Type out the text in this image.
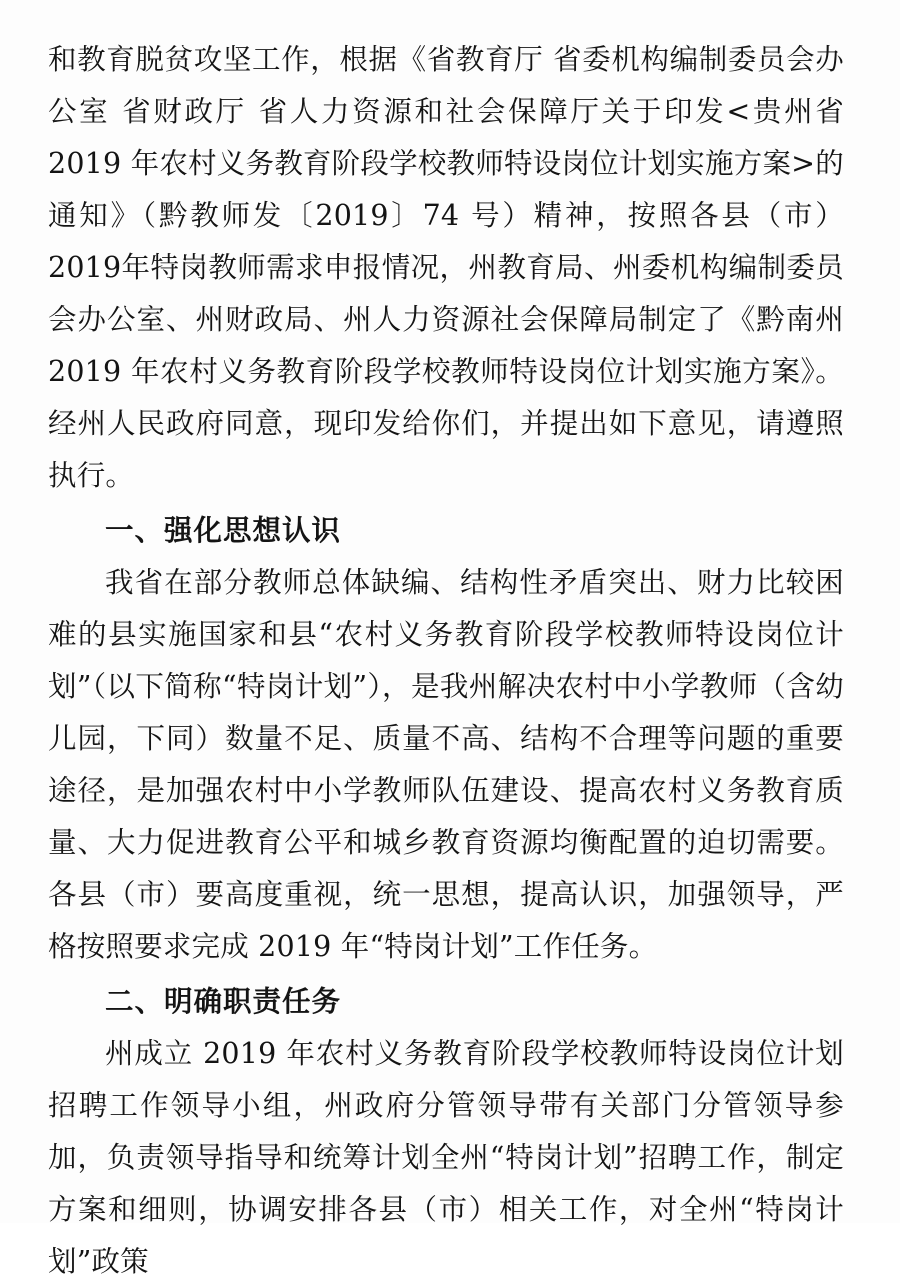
和教育脱贫攻坚工作，根据《省教育厅 省委机构编制委员会办公室 省财政厅 省人力资源和社会保障厅关于印发<贵州省2019 年农村义务教育阶段学校教师特设岗位计划实施方案>的通知》（黔教师发〔2019〕74 号）精神，按照各县（市）2019年特岗教师需求申报情况，州教育局、州委机构编制委员会办公室、州财政局、州人力资源社会保障局制定了《黔南州 2019 年农村义务教育阶段学校教师特设岗位计划实施方案》。经州人民政府同意，现印发给你们，并提出如下意见，请遵照执行。

一、强化思想认识

我省在部分教师总体缺编、结构性矛盾突出、财力比较困难的县实施国家和县“农村义务教育阶段学校教师特设岗位计划”（以下简称“特岗计划”），是我州解决农村中小学教师（含幼儿园，下同）数量不足、质量不高、结构不合理等问题的重要途径，是加强农村中小学教师队伍建设、提高农村义务教育质量、大力促进教育公平和城乡教育资源均衡配置的迫切需要。各县（市）要高度重视，统一思想，提高认识，加强领导，严格按照要求完成 2019 年“特岗计划”工作任务。

二、明确职责任务

州成立 2019 年农村义务教育阶段学校教师特设岗位计划招聘工作领导小组，州政府分管领导带有关部门分管领导参加，负责领导指导和统筹计划全州“特岗计划”招聘工作，制定方案和细则，协调安排各县（市）相关工作，对全州“特岗计划”政策
